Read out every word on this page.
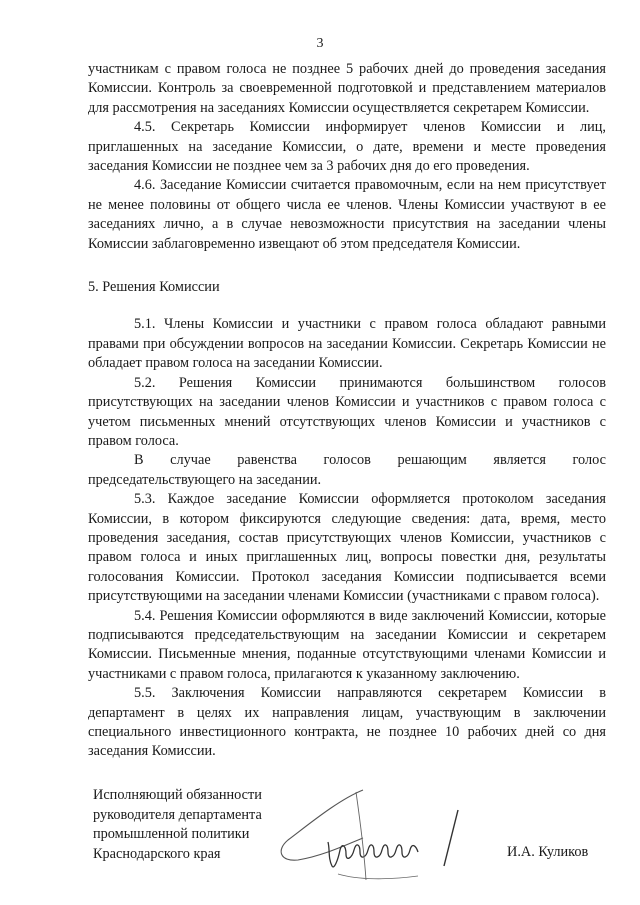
3

участникам с правом голоса не позднее 5 рабочих дней до проведения заседания Комиссии. Контроль за своевременной подготовкой и представлением материалов для рассмотрения на заседаниях Комиссии осуществляется секретарем Комиссии.

4.5. Секретарь Комиссии информирует членов Комиссии и лиц, приглашенных на заседание Комиссии, о дате, времени и месте проведения заседания Комиссии не позднее чем за 3 рабочих дня до его проведения.

4.6. Заседание Комиссии считается правомочным, если на нем присутствует не менее половины от общего числа ее членов. Члены Комиссии участвуют в ее заседаниях лично, а в случае невозможности присутствия на заседании члены Комиссии заблаговременно извещают об этом председателя Комиссии.

5. Решения Комиссии

5.1. Члены Комиссии и участники с правом голоса обладают равными правами при обсуждении вопросов на заседании Комиссии. Секретарь Комиссии не обладает правом голоса на заседании Комиссии.

5.2. Решения Комиссии принимаются большинством голосов присутствующих на заседании членов Комиссии и участников с правом голоса с учетом письменных мнений отсутствующих членов Комиссии и участников с правом голоса.

В случае равенства голосов решающим является голос председательствующего на заседании.

5.3. Каждое заседание Комиссии оформляется протоколом заседания Комиссии, в котором фиксируются следующие сведения: дата, время, место проведения заседания, состав присутствующих членов Комиссии, участников с правом голоса и иных приглашенных лиц, вопросы повестки дня, результаты голосования Комиссии. Протокол заседания Комиссии подписывается всеми присутствующими на заседании членами Комиссии (участниками с правом голоса).

5.4. Решения Комиссии оформляются в виде заключений Комиссии, которые подписываются председательствующим на заседании Комиссии и секретарем Комиссии. Письменные мнения, поданные отсутствующими членами Комиссии и участниками с правом голоса, прилагаются к указанному заключению.

5.5. Заключения Комиссии направляются секретарем Комиссии в департамент в целях их направления лицам, участвующим в заключении специального инвестиционного контракта, не позднее 10 рабочих дней со дня заседания Комиссии.

Исполняющий обязанности
руководителя департамента
промышленной политики
Краснодарского края	И.А. Куликов
